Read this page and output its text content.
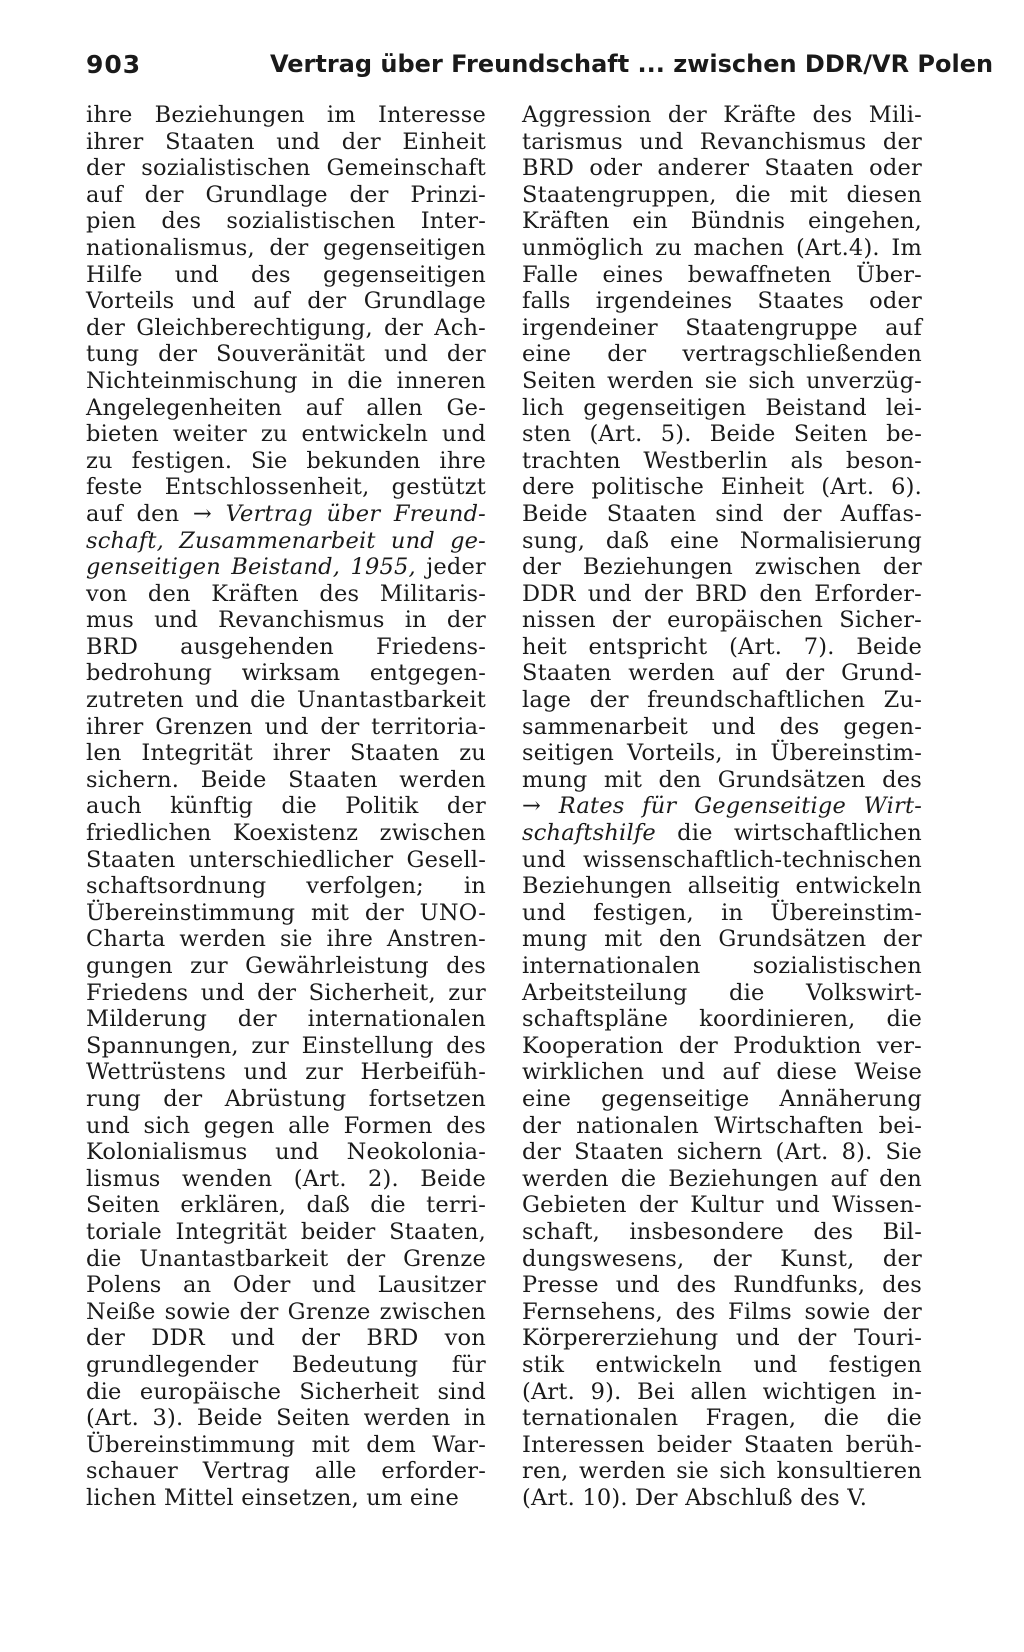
903	Vertrag über Freundschaft ... zwischen DDR/VR Polen
ihre Beziehungen im Interesse
ihrer Staaten und der Einheit
der sozialistischen Gemeinschaft
auf der Grundlage der Prinzi-
pien des sozialistischen Inter-
nationalismus, der gegenseitigen
Hilfe und des gegenseitigen
Vorteils und auf der Grundlage
der Gleichberechtigung, der Ach-
tung der Souveränität und der
Nichteinmischung in die inneren
Angelegenheiten auf allen Ge-
bieten weiter zu entwickeln und
zu festigen. Sie bekunden ihre
feste Entschlossenheit, gestützt
auf den → Vertrag über Freund-
schaft, Zusammenarbeit und ge-
genseitigen Beistand, 1955, jeder
von den Kräften des Militaris-
mus und Revanchismus in der
BRD ausgehenden Friedens-
bedrohung wirksam entgegen-
zutreten und die Unantastbarkeit
ihrer Grenzen und der territoria-
len Integrität ihrer Staaten zu
sichern. Beide Staaten werden
auch künftig die Politik der
friedlichen Koexistenz zwischen
Staaten unterschiedlicher Gesell-
schaftsordnung verfolgen; in
Übereinstimmung mit der UNO-
Charta werden sie ihre Anstren-
gungen zur Gewährleistung des
Friedens und der Sicherheit, zur
Milderung der internationalen
Spannungen, zur Einstellung des
Wettrüstens und zur Herbeifüh-
rung der Abrüstung fortsetzen
und sich gegen alle Formen des
Kolonialismus und Neokolonia-
lismus wenden (Art. 2). Beide
Seiten erklären, daß die terri-
toriale Integrität beider Staaten,
die Unantastbarkeit der Grenze
Polens an Oder und Lausitzer
Neiße sowie der Grenze zwischen
der DDR und der BRD von
grundlegender Bedeutung für
die europäische Sicherheit sind
(Art. 3). Beide Seiten werden in
Übereinstimmung mit dem War-
schauer Vertrag alle erforder-
lichen Mittel einsetzen, um eine
Aggression der Kräfte des Mili-
tarismus und Revanchismus der
BRD oder anderer Staaten oder
Staatengruppen, die mit diesen
Kräften ein Bündnis eingehen,
unmöglich zu machen (Art.4). Im
Falle eines bewaffneten Über-
falls irgendeines Staates oder
irgendeiner Staatengruppe auf
eine der vertragschließenden
Seiten werden sie sich unverzüg-
lich gegenseitigen Beistand lei-
sten (Art. 5). Beide Seiten be-
trachten Westberlin als beson-
dere politische Einheit (Art. 6).
Beide Staaten sind der Auffas-
sung, daß eine Normalisierung
der Beziehungen zwischen der
DDR und der BRD den Erforder-
nissen der europäischen Sicher-
heit entspricht (Art. 7). Beide
Staaten werden auf der Grund-
lage der freundschaftlichen Zu-
sammenarbeit und des gegen-
seitigen Vorteils, in Übereinstim-
mung mit den Grundsätzen des
→ Rates für Gegenseitige Wirt-
schaftshilfe die wirtschaftlichen
und wissenschaftlich-technischen
Beziehungen allseitig entwickeln
und festigen, in Übereinstim-
mung mit den Grundsätzen der
internationalen sozialistischen
Arbeitsteilung die Volkswirt-
schaftspläne koordinieren, die
Kooperation der Produktion ver-
wirklichen und auf diese Weise
eine gegenseitige Annäherung
der nationalen Wirtschaften bei-
der Staaten sichern (Art. 8). Sie
werden die Beziehungen auf den
Gebieten der Kultur und Wissen-
schaft, insbesondere des Bil-
dungswesens, der Kunst, der
Presse und des Rundfunks, des
Fernsehens, des Films sowie der
Körpererziehung und der Touri-
stik entwickeln und festigen
(Art. 9). Bei allen wichtigen in-
ternationalen Fragen, die die
Interessen beider Staaten berüh-
ren, werden sie sich konsultieren
(Art. 10). Der Abschluß des V.
